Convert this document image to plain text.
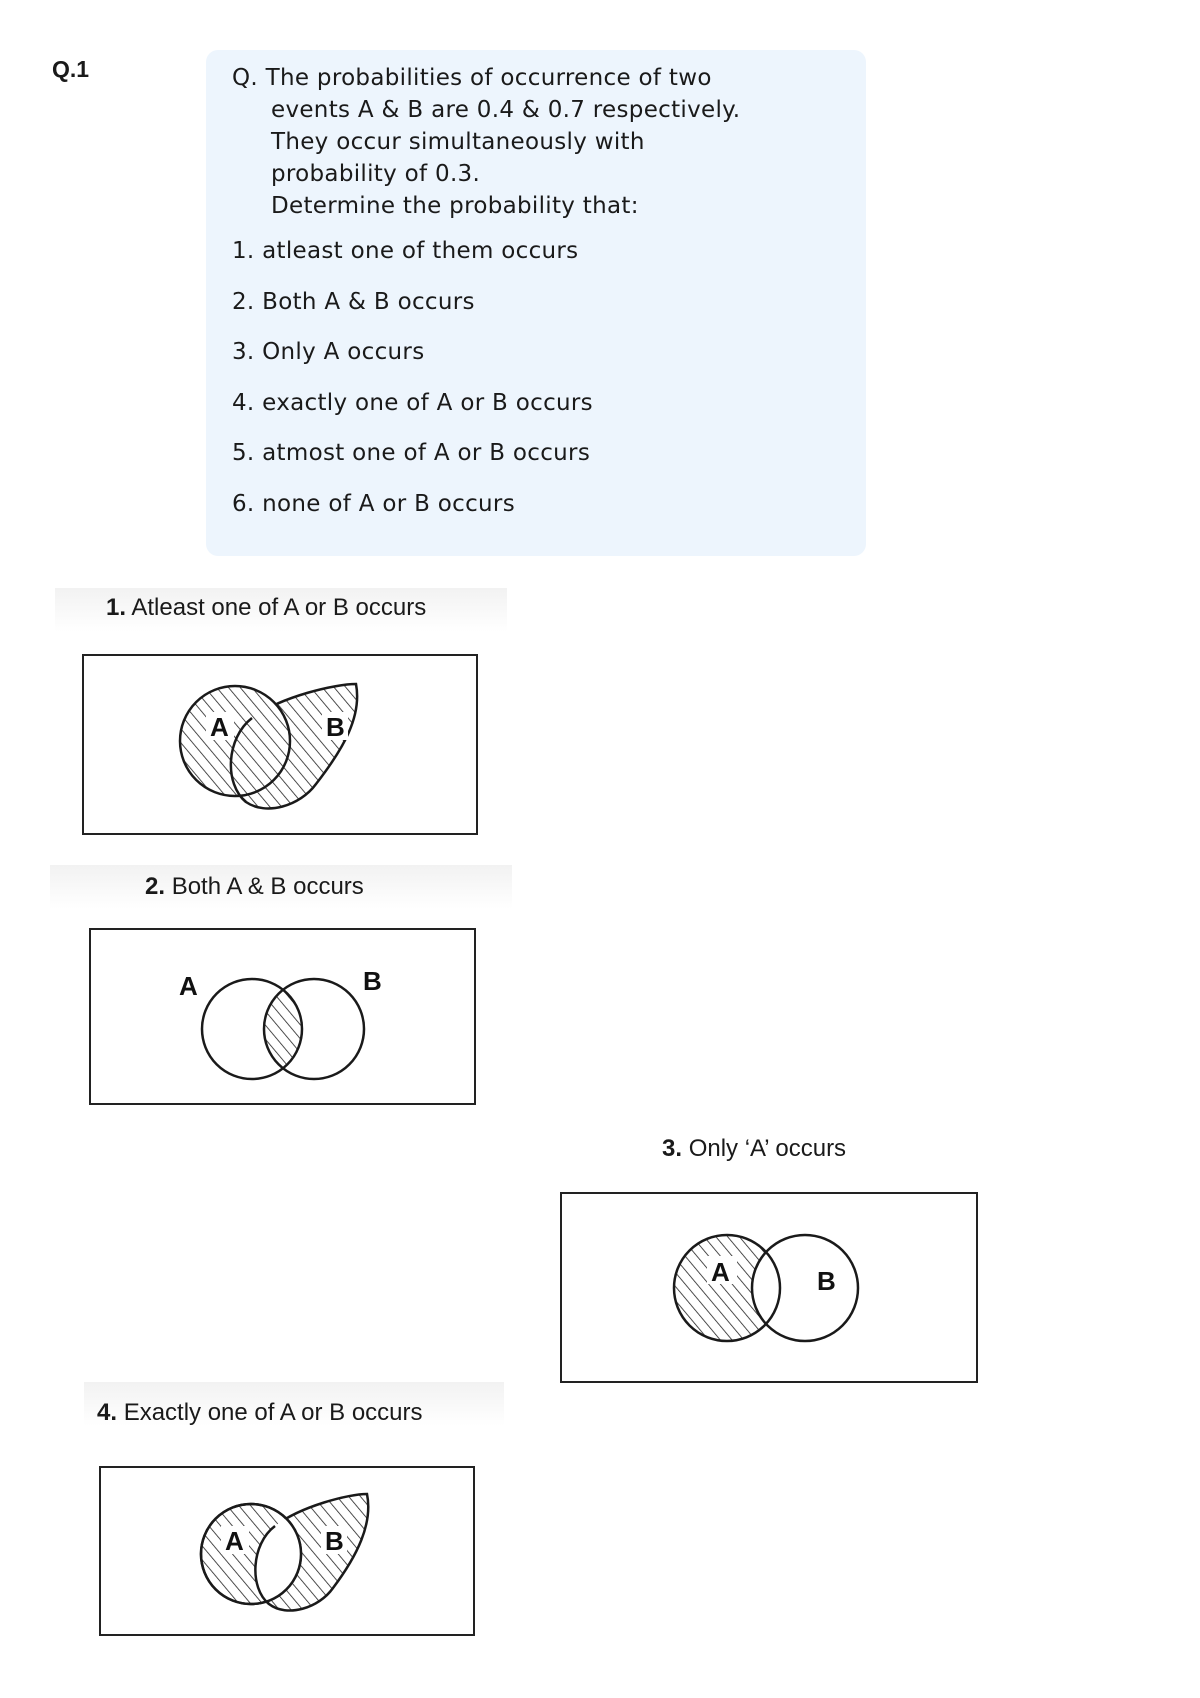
Q.1	Q. The probabilities of occurrence of two
events A & B are 0.4 & 0.7 respectively.
They occur simultaneously with
probability of 0.3.
Determine the probability that:
1. atleast one of them occurs
2. Both A & B occurs
3. Only A occurs
4. exactly one of A or B occurs
5. atmost one of A or B occurs
6. none of A or B occurs
1. Atleast one of A or B occurs
A	B
2. Both A & B occurs
A	B
3. Only ‘A’ occurs
A	B
4. Exactly one of A or B occurs
A	B
